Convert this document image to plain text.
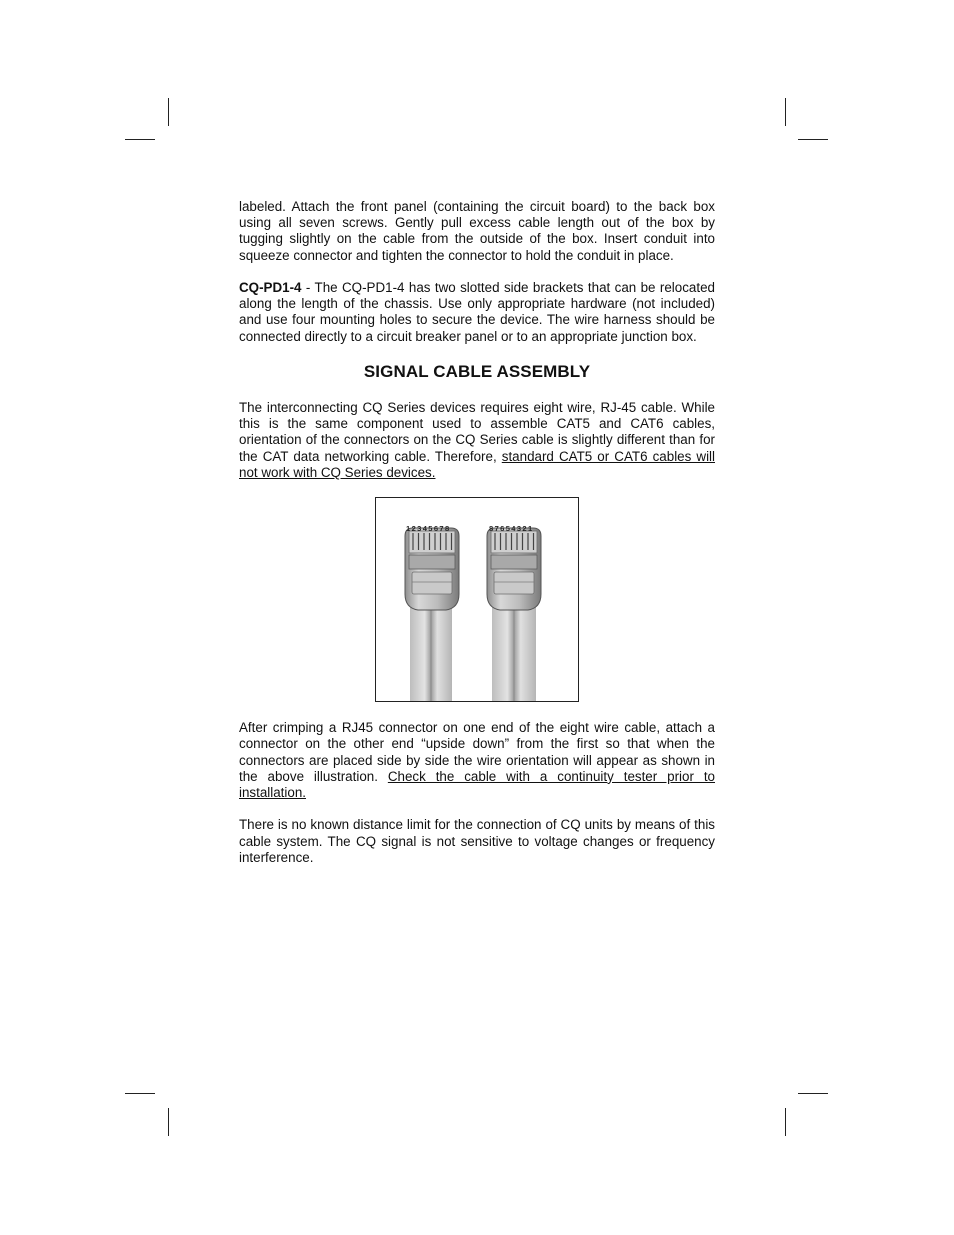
labeled. Attach the front panel (containing the circuit board) to the back box using all seven screws. Gently pull excess cable length out of the box by tugging slightly on the cable from the outside of the box. Insert conduit into squeeze connector and tighten the connector to hold the conduit in place.

CQ-PD1-4 - The CQ-PD1-4 has two slotted side brackets that can be relocated along the length of the chassis. Use only appropriate hardware (not included) and use four mounting holes to secure the device. The wire harness should be connected directly to a circuit breaker panel or to an appropriate junction box.

SIGNAL CABLE ASSEMBLY

The interconnecting CQ Series devices requires eight wire, RJ-45 cable. While this is the same component used to assemble CAT5 and CAT6 cables, orientation of the connectors on the CQ Series cable is slightly different than for the CAT data networking cable. Therefore, standard CAT5 or CAT6 cables will not work with CQ Series devices.

12345678	87654321

After crimping a RJ45 connector on one end of the eight wire cable, attach a connector on the other end “upside down” from the first so that when the connectors are placed side by side the wire orientation will appear as shown in the above illustration. Check the cable with a continuity tester prior to installation.

There is no known distance limit for the connection of CQ units by means of this cable system. The CQ signal is not sensitive to voltage changes or frequency interference.
